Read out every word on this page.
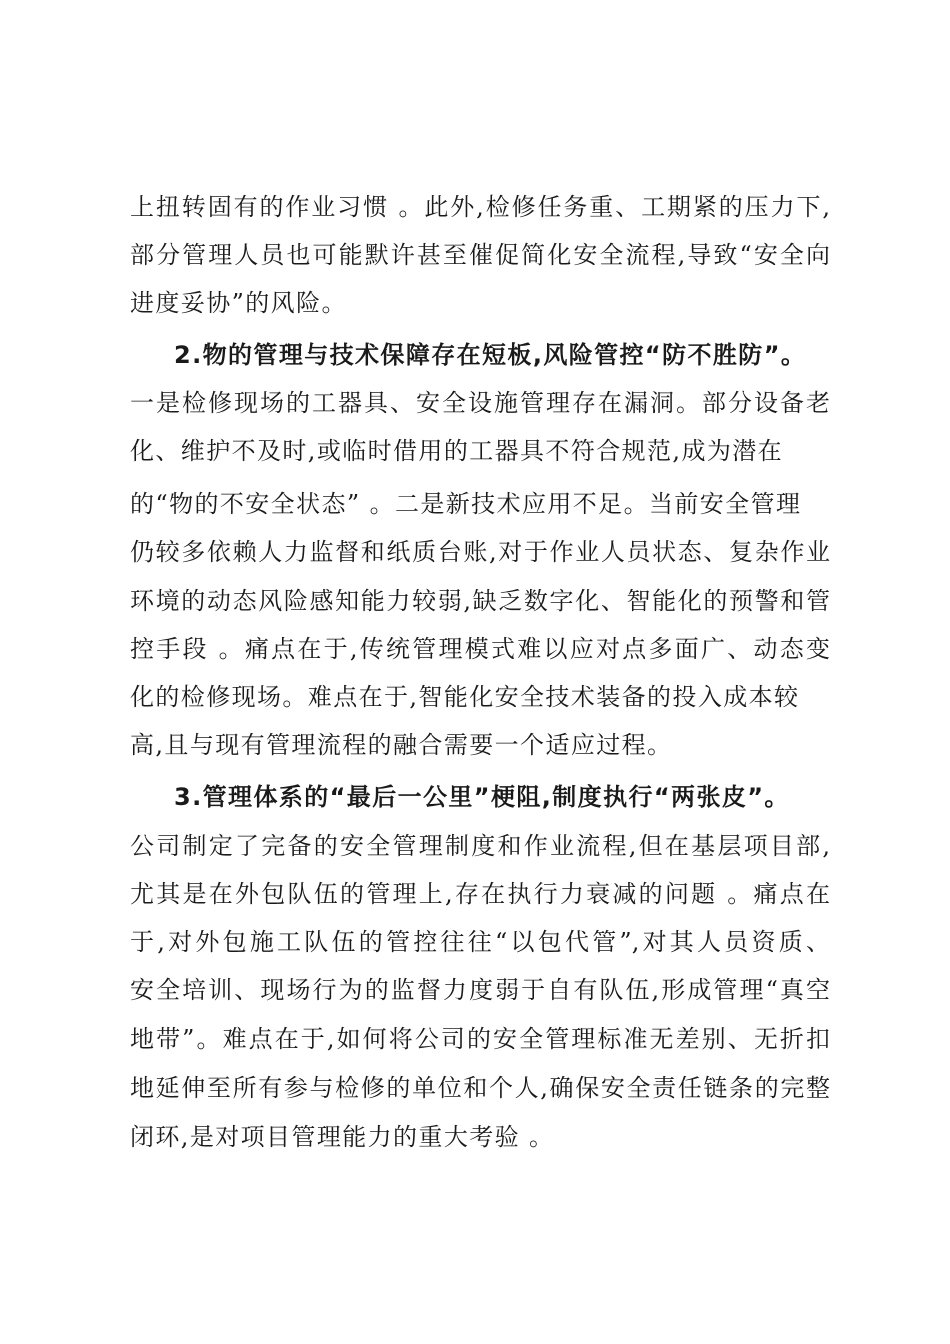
上扭转固有的作业习惯 。此外,检修任务重、工期紧的压力下,

部分管理人员也可能默许甚至催促简化安全流程,导致“安全向

进度妥协”的风险。

2.物的管理与技术保障存在短板,风险管控“防不胜防”。

一是检修现场的工器具、安全设施管理存在漏洞。部分设备老

化、维护不及时,或临时借用的工器具不符合规范,成为潜在

的“物的不安全状态” 。二是新技术应用不足。当前安全管理

仍较多依赖人力监督和纸质台账,对于作业人员状态、复杂作业

环境的动态风险感知能力较弱,缺乏数字化、智能化的预警和管

控手段 。痛点在于,传统管理模式难以应对点多面广、动态变

化的检修现场。难点在于,智能化安全技术装备的投入成本较

高,且与现有管理流程的融合需要一个适应过程。

3.管理体系的“最后一公里”梗阻,制度执行“两张皮”。

公司制定了完备的安全管理制度和作业流程,但在基层项目部,

尤其是在外包队伍的管理上,存在执行力衰减的问题 。痛点在

于,对外包施工队伍的管控往往“以包代管”,对其人员资质、

安全培训、现场行为的监督力度弱于自有队伍,形成管理“真空

地带”。难点在于,如何将公司的安全管理标准无差别、无折扣

地延伸至所有参与检修的单位和个人,确保安全责任链条的完整

闭环,是对项目管理能力的重大考验 。
